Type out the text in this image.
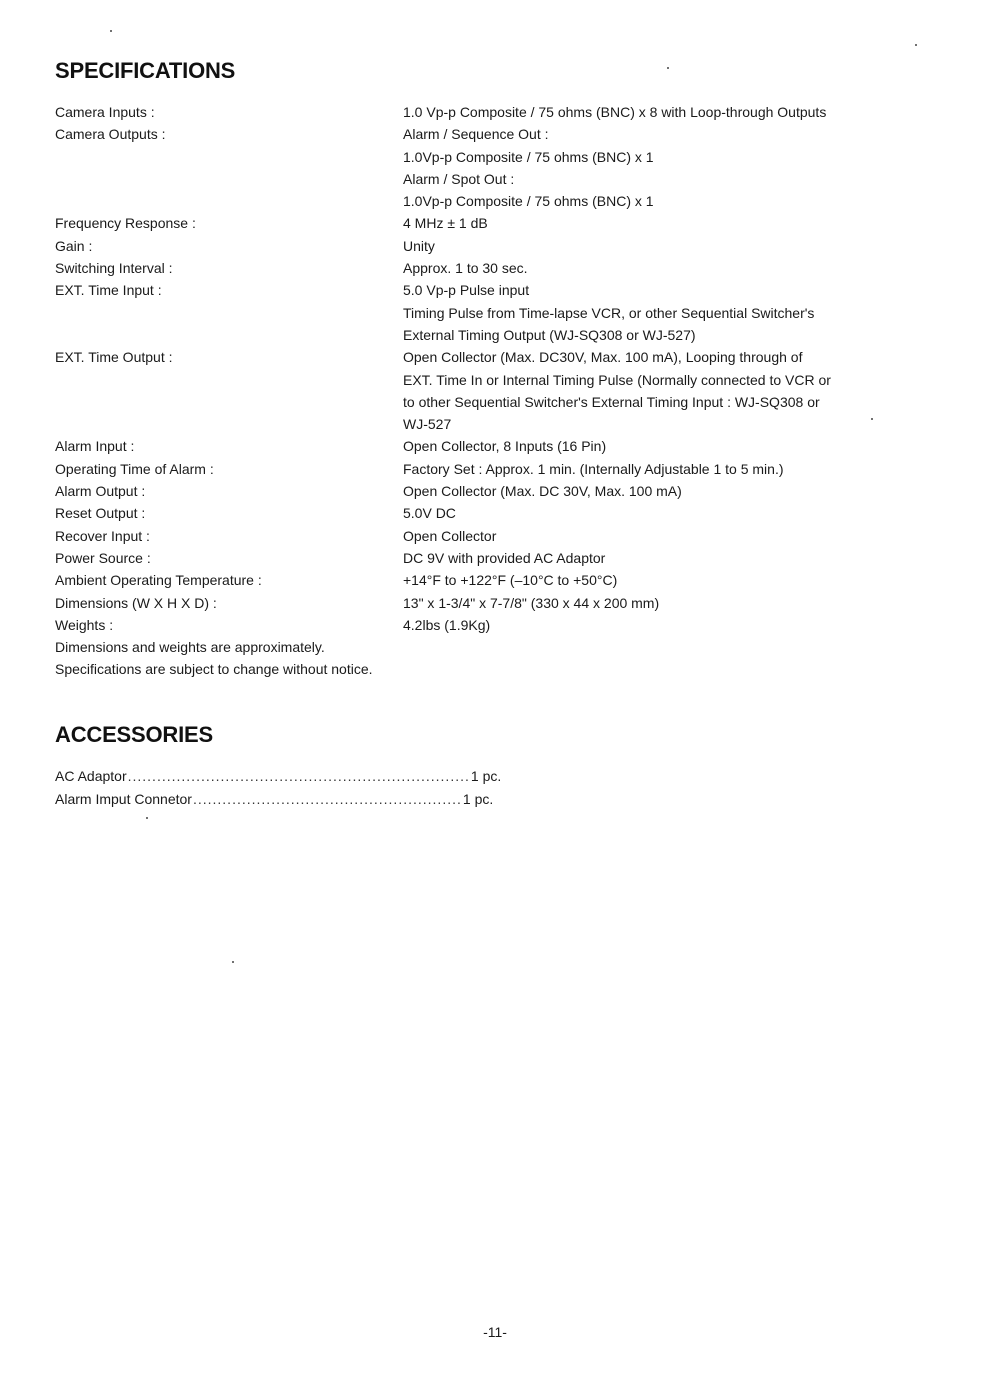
SPECIFICATIONS
Camera Inputs :	1.0 Vp-p Composite / 75 ohms (BNC) x 8 with Loop-through Outputs
Camera Outputs :	Alarm / Sequence Out :
1.0Vp-p Composite / 75 ohms (BNC) x 1
Alarm / Spot Out :
1.0Vp-p Composite / 75 ohms (BNC) x 1
Frequency Response :	4 MHz ± 1 dB
Gain :	Unity
Switching Interval :	Approx. 1 to 30 sec.
EXT. Time Input :	5.0 Vp-p Pulse input
Timing Pulse from Time-lapse VCR, or other Sequential Switcher's
External Timing Output (WJ-SQ308 or WJ-527)
EXT. Time Output :	Open Collector (Max. DC30V, Max. 100 mA), Looping through of
EXT. Time In or Internal Timing Pulse (Normally connected to VCR or
to other Sequential Switcher's External Timing Input : WJ-SQ308 or
WJ-527
Alarm Input :	Open Collector, 8 Inputs (16 Pin)
Operating Time of Alarm :	Factory Set : Approx. 1 min. (Internally Adjustable 1 to 5 min.)
Alarm Output :	Open Collector (Max. DC 30V, Max. 100 mA)
Reset Output :	5.0V DC
Recover Input :	Open Collector
Power Source :	DC 9V with provided AC Adaptor
Ambient Operating Temperature :	+14°F to +122°F (–10°C to +50°C)
Dimensions (W X H X D) :	13" x 1-3/4" x 7-7/8" (330 x 44 x 200 mm)
Weights :	4.2lbs (1.9Kg)
Dimensions and weights are approximately.
Specifications are subject to change without notice.
ACCESSORIES
AC Adaptor ...................................................................... 1 pc.
Alarm Imput Connetor ....................................................... 1 pc.
-11-
